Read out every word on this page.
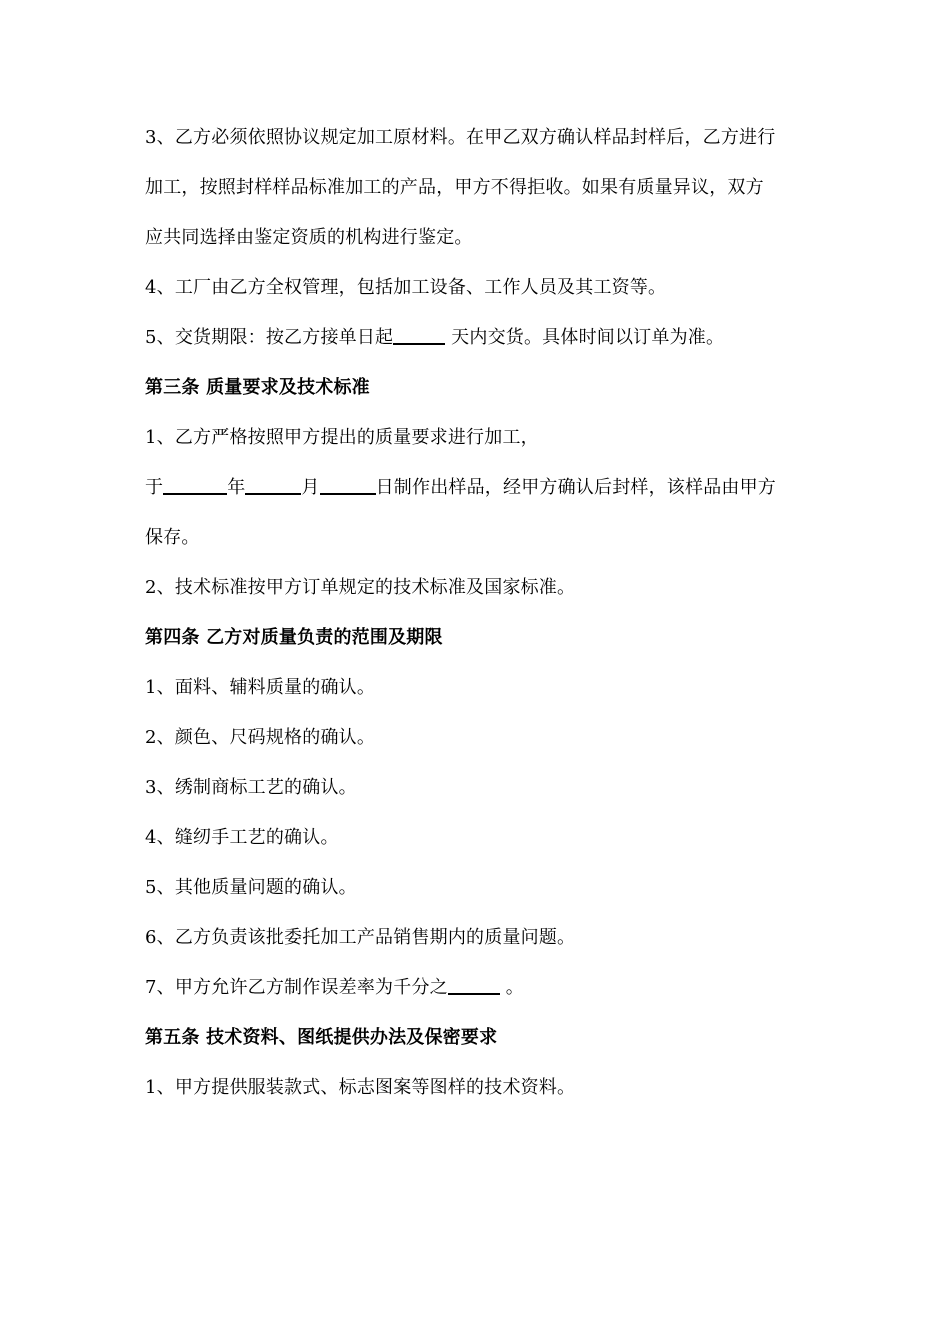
3、乙方必须依照协议规定加工原材料。在甲乙双方确认样品封样后，乙方进行
加工，按照封样样品标准加工的产品，甲方不得拒收。如果有质量异议，双方
应共同选择由鉴定资质的机构进行鉴定。
4、工厂由乙方全权管理，包括加工设备、工作人员及其工资等。
5、交货期限：按乙方接单日起	天内交货。具体时间以订单为准。
第三条 质量要求及技术标准
1、乙方严格按照甲方提出的质量要求进行加工，
于	年	月	日制作出样品，经甲方确认后封样，该样品由甲方
保存。
2、技术标准按甲方订单规定的技术标准及国家标准。
第四条 乙方对质量负责的范围及期限
1、面料、辅料质量的确认。
2、颜色、尺码规格的确认。
3、绣制商标工艺的确认。
4、缝纫手工艺的确认。
5、其他质量问题的确认。
6、乙方负责该批委托加工产品销售期内的质量问题。
7、甲方允许乙方制作误差率为千分之	。
第五条 技术资料、图纸提供办法及保密要求
1、甲方提供服装款式、标志图案等图样的技术资料。
